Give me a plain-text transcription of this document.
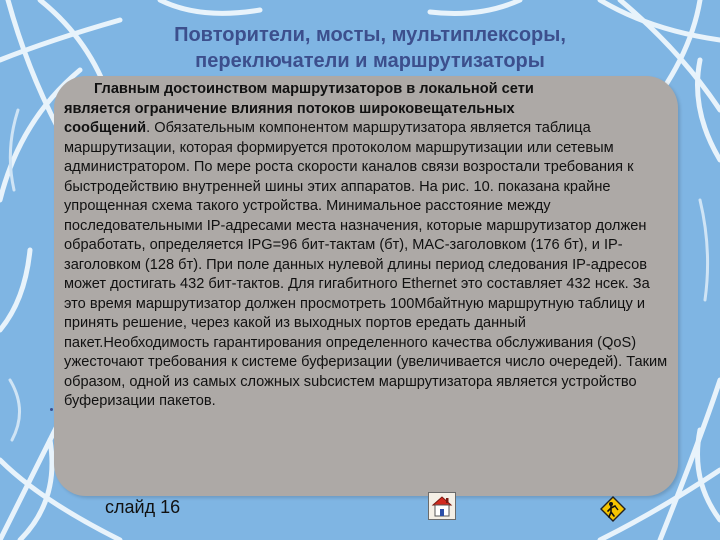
Повторители, мосты, мультиплексоры,
переключатели и маршрутизаторы
Главным достоинством маршрутизаторов в локальной сети
является ограничение влияния потоков широковещательных
сообщений. Обязательным компонентом маршрутизатора является таблица маршрутизации, которая формируется протоколом маршрутизации или сетевым администратором. По мере роста скорости каналов связи возростали требования к быстродействию внутренней шины этих аппаратов. На рис. 10. показана крайне упрощенная схема такого устройства. Минимальное расстояние между последовательными IP-адресами места назначения, которые маршрутизатор должен обработать, определяется IPG=96 бит-тактам (бт), MAC-заголовком (176 бт), и IP-заголовком (128 бт). При поле данных нулевой длины период следования IP-адресов может достигать 432 бит-тактов. Для гигабитного Ethernet это составляет 432 нсек. За это время маршрутизатор должен просмотреть 100Мбайтную маршрутную таблицу и принять решение, через какой из выходных портов ередать данный пакет.Необходимость гарантирования определенного качества обслуживания (QoS) ужесточают требования к системе буферизации (увеличивается число очередей). Таким образом, одной из самых сложных subсистем маршрутизатора является устройство буферизации пакетов.
слайд 16
